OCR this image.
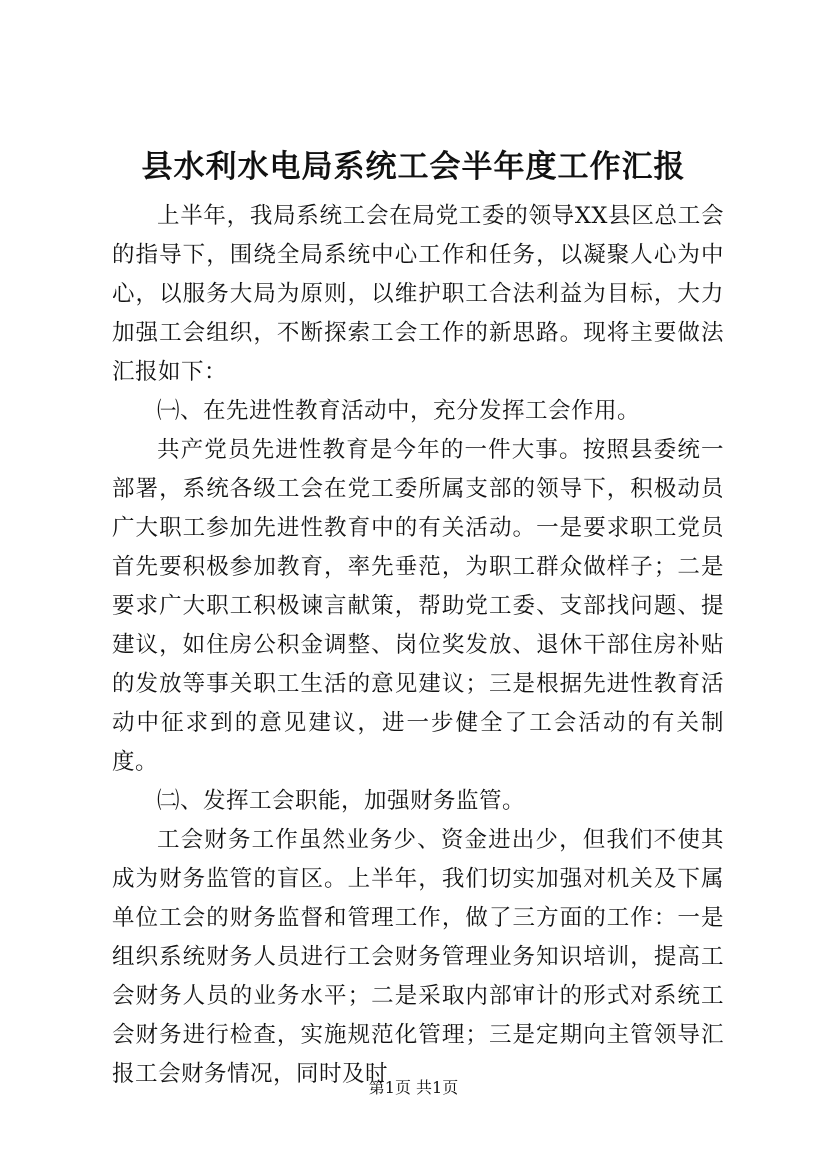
县水利水电局系统工会半年度工作汇报

上半年，我局系统工会在局党工委的领导XX县区总工会的指导下，围绕全局系统中心工作和任务，以凝聚人心为中心，以服务大局为原则，以维护职工合法利益为目标，大力加强工会组织，不断探索工会工作的新思路。现将主要做法汇报如下：

㈠、在先进性教育活动中，充分发挥工会作用。

共产党员先进性教育是今年的一件大事。按照县委统一部署，系统各级工会在党工委所属支部的领导下，积极动员广大职工参加先进性教育中的有关活动。一是要求职工党员首先要积极参加教育，率先垂范，为职工群众做样子；二是要求广大职工积极谏言献策，帮助党工委、支部找问题、提建议，如住房公积金调整、岗位奖发放、退休干部住房补贴的发放等事关职工生活的意见建议；三是根据先进性教育活动中征求到的意见建议，进一步健全了工会活动的有关制度。

㈡、发挥工会职能，加强财务监管。

工会财务工作虽然业务少、资金进出少，但我们不使其成为财务监管的盲区。上半年，我们切实加强对机关及下属单位工会的财务监督和管理工作，做了三方面的工作：一是组织系统财务人员进行工会财务管理业务知识培训，提高工会财务人员的业务水平；二是采取内部审计的形式对系统工会财务进行检查，实施规范化管理；三是定期向主管领导汇报工会财务情况，同时及时

第1页 共1页
